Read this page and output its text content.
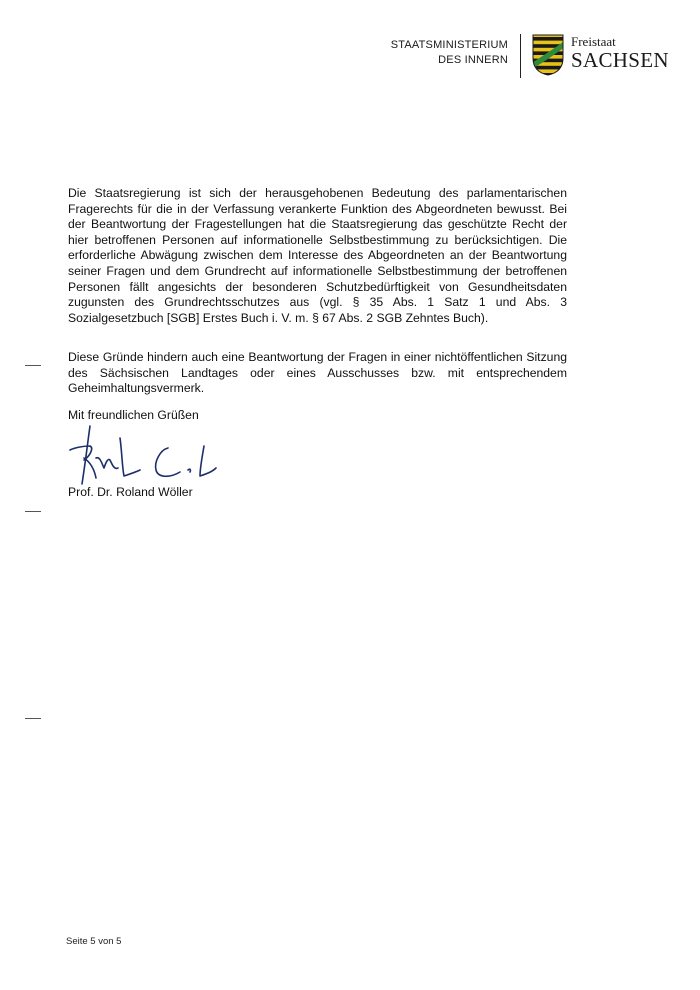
STAATSMINISTERIUM
DES INNERN
Freistaat
SACHSEN

Die Staatsregierung ist sich der herausgehobenen Bedeutung des parlamentarischen Fragerechts für die in der Verfassung verankerte Funktion des Abgeordneten bewusst. Bei der Beantwortung der Fragestellungen hat die Staatsregierung das geschützte Recht der hier betroffenen Personen auf informationelle Selbstbestimmung zu berücksichtigen. Die erforderliche Abwägung zwischen dem Interesse des Abgeordneten an der Beantwortung seiner Fragen und dem Grundrecht auf informationelle Selbstbestimmung der betroffenen Personen fällt angesichts der besonderen Schutzbedürftigkeit von Gesundheitsdaten zugunsten des Grundrechtsschutzes aus (vgl. § 35 Abs. 1 Satz 1 und Abs. 3 Sozialgesetzbuch [SGB] Erstes Buch i. V. m. § 67 Abs. 2 SGB Zehntes Buch).

Diese Gründe hindern auch eine Beantwortung der Fragen in einer nichtöffentlichen Sitzung des Sächsischen Landtages oder eines Ausschusses bzw. mit entsprechendem Geheimhaltungsvermerk.

Mit freundlichen Grüßen
Prof. Dr. Roland Wöller
Seite 5 von 5
